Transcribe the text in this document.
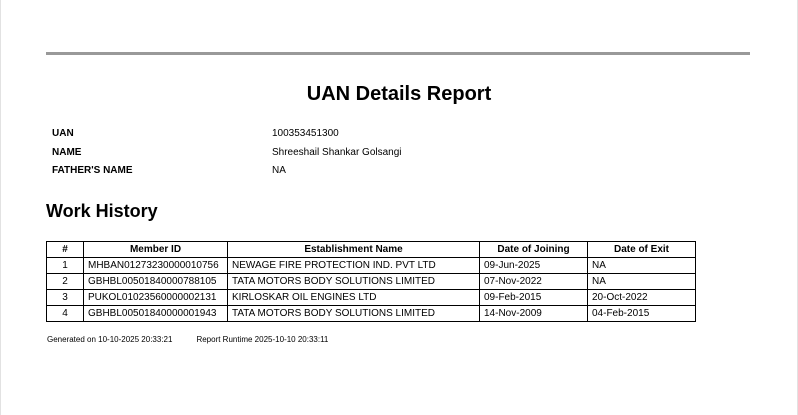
UAN Details Report
UAN	100353451300
NAME	Shreeshail Shankar Golsangi
FATHER'S NAME	NA
Work History
#	Member ID	Establishment Name	Date of Joining	Date of Exit
1	MHBAN01273230000010756	NEWAGE FIRE PROTECTION IND. PVT LTD	09-Jun-2025	NA
2	GBHBL00501840000788105	TATA MOTORS BODY SOLUTIONS LIMITED	07-Nov-2022	NA
3	PUKOL01023560000002131	KIRLOSKAR OIL ENGINES LTD	09-Feb-2015	20-Oct-2022
4	GBHBL00501840000001943	TATA MOTORS BODY SOLUTIONS LIMITED	14-Nov-2009	04-Feb-2015
Generated on 10-10-2025 20:33:21	Report Runtime 2025-10-10 20:33:11
